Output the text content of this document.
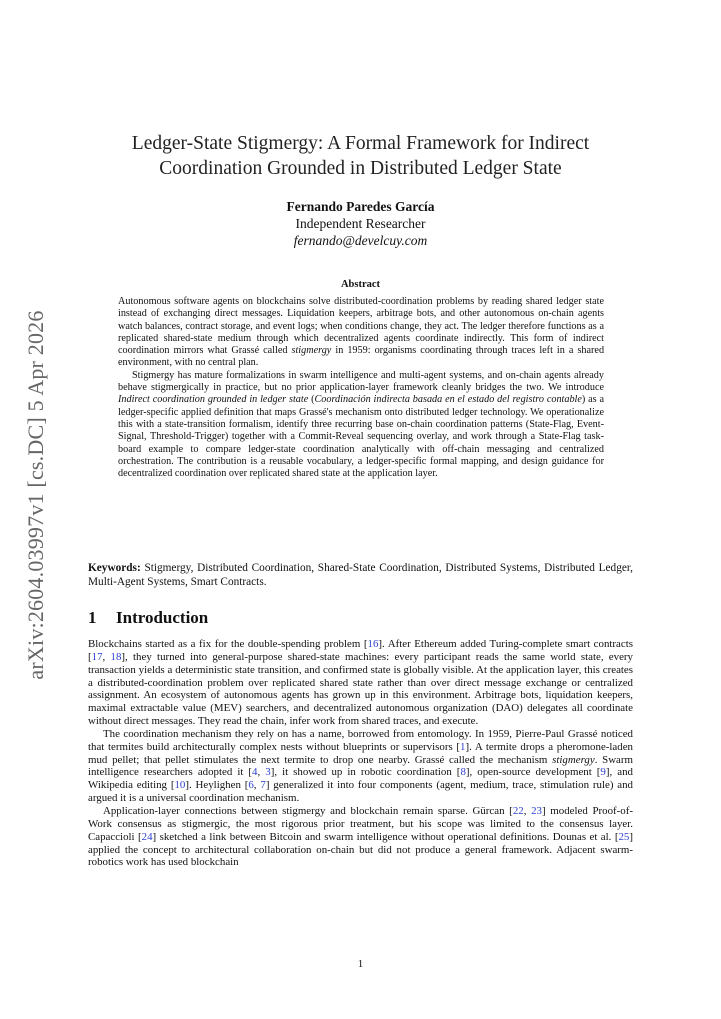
arXiv:2604.03997v1 [cs.DC] 5 Apr 2026
Ledger-State Stigmergy: A Formal Framework for Indirect
Coordination Grounded in Distributed Ledger State
Fernando Paredes García
Independent Researcher
fernando@develcuy.com
Abstract

Autonomous software agents on blockchains solve distributed-coordination problems by reading shared ledger state instead of exchanging direct messages. Liquidation keepers, arbitrage bots, and other autonomous on-chain agents watch balances, contract storage, and event logs; when conditions change, they act. The ledger therefore functions as a replicated shared-state medium through which decentralized agents coordinate indirectly. This form of indirect coordination mirrors what Grassé called stigmergy in 1959: organisms coordinating through traces left in a shared environment, with no central plan.

Stigmergy has mature formalizations in swarm intelligence and multi-agent systems, and on-chain agents already behave stigmergically in practice, but no prior application-layer framework cleanly bridges the two. We introduce Indirect coordination grounded in ledger state (Coordinación indirecta basada en el estado del registro contable) as a ledger-specific applied definition that maps Grassé's mechanism onto distributed ledger technology. We operationalize this with a state-transition formalism, identify three recurring base on-chain coordination patterns (State-Flag, Event-Signal, Threshold-Trigger) together with a Commit-Reveal sequencing overlay, and work through a State-Flag task-board example to compare ledger-state coordination analytically with off-chain messaging and centralized orchestration. The contribution is a reusable vocabulary, a ledger-specific formal mapping, and design guidance for decentralized coordination over replicated shared state at the application layer.

Keywords: Stigmergy, Distributed Coordination, Shared-State Coordination, Distributed Systems, Distributed Ledger, Multi-Agent Systems, Smart Contracts.
1 Introduction

Blockchains started as a fix for the double-spending problem [16]. After Ethereum added Turing-complete smart contracts [17, 18], they turned into general-purpose shared-state machines: every participant reads the same world state, every transaction yields a deterministic state transition, and confirmed state is globally visible. At the application layer, this creates a distributed-coordination problem over replicated shared state rather than over direct message exchange or centralized assignment. An ecosystem of autonomous agents has grown up in this environment. Arbitrage bots, liquidation keepers, maximal extractable value (MEV) searchers, and decentralized autonomous organization (DAO) delegates all coordinate without direct messages. They read the chain, infer work from shared traces, and execute.

The coordination mechanism they rely on has a name, borrowed from entomology. In 1959, Pierre-Paul Grassé noticed that termites build architecturally complex nests without blueprints or supervisors [1]. A termite drops a pheromone-laden mud pellet; that pellet stimulates the next termite to drop one nearby. Grassé called the mechanism stigmergy. Swarm intelligence researchers adopted it [4, 3], it showed up in robotic coordination [8], open-source development [9], and Wikipedia editing [10]. Heylighen [6, 7] generalized it into four components (agent, medium, trace, stimulation rule) and argued it is a universal coordination mechanism.

Application-layer connections between stigmergy and blockchain remain sparse. Gürcan [22, 23] modeled Proof-of-Work consensus as stigmergic, the most rigorous prior treatment, but his scope was limited to the consensus layer. Capaccioli [24] sketched a link between Bitcoin and swarm intelligence without operational definitions. Dounas et al. [25] applied the concept to architectural collaboration on-chain but did not produce a general framework. Adjacent swarm-robotics work has used blockchain

1
